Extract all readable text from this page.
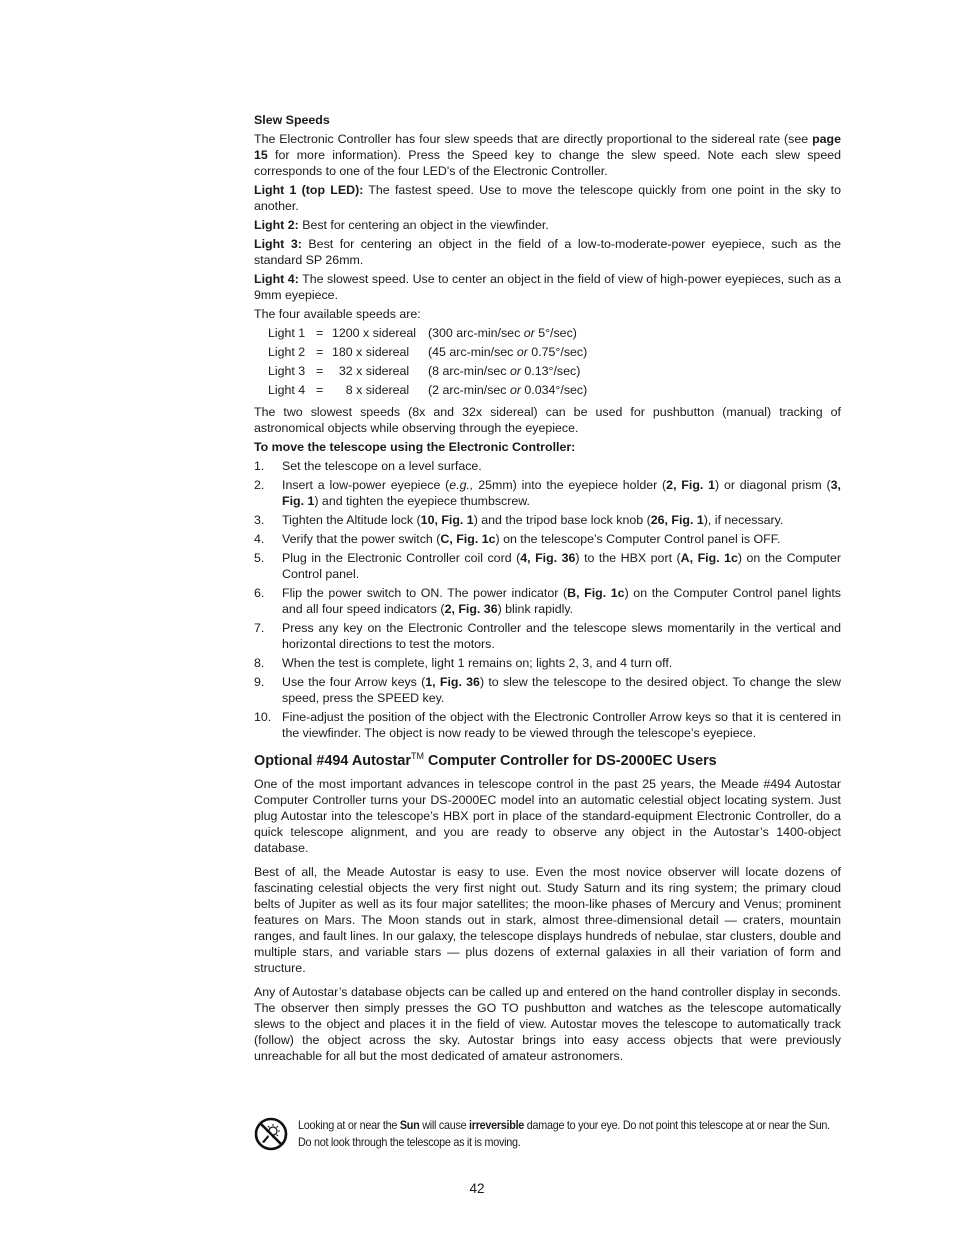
Slew Speeds

The Electronic Controller has four slew speeds that are directly proportional to the sidereal rate (see page 15 for more information). Press the Speed key to change the slew speed. Note each slew speed corresponds to one of the four LED's of the Electronic Controller.

Light 1 (top LED): The fastest speed. Use to move the telescope quickly from one point in the sky to another.

Light 2: Best for centering an object in the viewfinder.

Light 3: Best for centering an object in the field of a low-to-moderate-power eyepiece, such as the standard SP 26mm.

Light 4: The slowest speed. Use to center an object in the field of view of high-power eyepieces, such as a 9mm eyepiece.

The four available speeds are:

Light 1	=	1200 x sidereal	(300 arc-min/sec or 5°/sec)
Light 2	=	180 x sidereal	(45 arc-min/sec or 0.75°/sec)
Light 3	=	32 x sidereal	(8 arc-min/sec or 0.13°/sec)
Light 4	=	8 x sidereal	(2 arc-min/sec or 0.034°/sec)

The two slowest speeds (8x and 32x sidereal) can be used for pushbutton (manual) tracking of astronomical objects while observing through the eyepiece.

To move the telescope using the Electronic Controller:

1. Set the telescope on a level surface.
2. Insert a low-power eyepiece (e.g., 25mm) into the eyepiece holder (2, Fig. 1) or diagonal prism (3, Fig. 1) and tighten the eyepiece thumbscrew.
3. Tighten the Altitude lock (10, Fig. 1) and the tripod base lock knob (26, Fig. 1), if necessary.
4. Verify that the power switch (C, Fig. 1c) on the telescope’s Computer Control panel is OFF.
5. Plug in the Electronic Controller coil cord (4, Fig. 36) to the HBX port (A, Fig. 1c) on the Computer Control panel.
6. Flip the power switch to ON. The power indicator (B, Fig. 1c) on the Computer Control panel lights and all four speed indicators (2, Fig. 36) blink rapidly.
7. Press any key on the Electronic Controller and the telescope slews momentarily in the vertical and horizontal directions to test the motors.
8. When the test is complete, light 1 remains on; lights 2, 3, and 4 turn off.
9. Use the four Arrow keys (1, Fig. 36) to slew the telescope to the desired object. To change the slew speed, press the SPEED key.
10. Fine-adjust the position of the object with the Electronic Controller Arrow keys so that it is centered in the viewfinder. The object is now ready to be viewed through the telescope’s eyepiece.
Optional #494 Autostar™ Computer Controller for DS-2000EC Users

One of the most important advances in telescope control in the past 25 years, the Meade #494 Autostar Computer Controller turns your DS-2000EC model into an automatic celestial object locating system. Just plug Autostar into the telescope’s HBX port in place of the standard-equipment Electronic Controller, do a quick telescope alignment, and you are ready to observe any object in the Autostar’s 1400-object database.

Best of all, the Meade Autostar is easy to use. Even the most novice observer will locate dozens of fascinating celestial objects the very first night out. Study Saturn and its ring system; the primary cloud belts of Jupiter as well as its four major satellites; the moon-like phases of Mercury and Venus; prominent features on Mars. The Moon stands out in stark, almost three-dimensional detail — craters, mountain ranges, and fault lines. In our galaxy, the telescope displays hundreds of nebulae, star clusters, double and multiple stars, and variable stars — plus dozens of external galaxies in all their variation of form and structure.

Any of Autostar’s database objects can be called up and entered on the hand controller display in seconds. The observer then simply presses the GO TO pushbutton and watches as the telescope automatically slews to the object and places it in the field of view. Autostar moves the telescope to automatically track (follow) the object across the sky. Autostar brings into easy access objects that were previously unreachable for all but the most dedicated of amateur astronomers.

Looking at or near the Sun will cause irreversible damage to your eye. Do not point this telescope at or near the Sun. Do not look through the telescope as it is moving.
42
